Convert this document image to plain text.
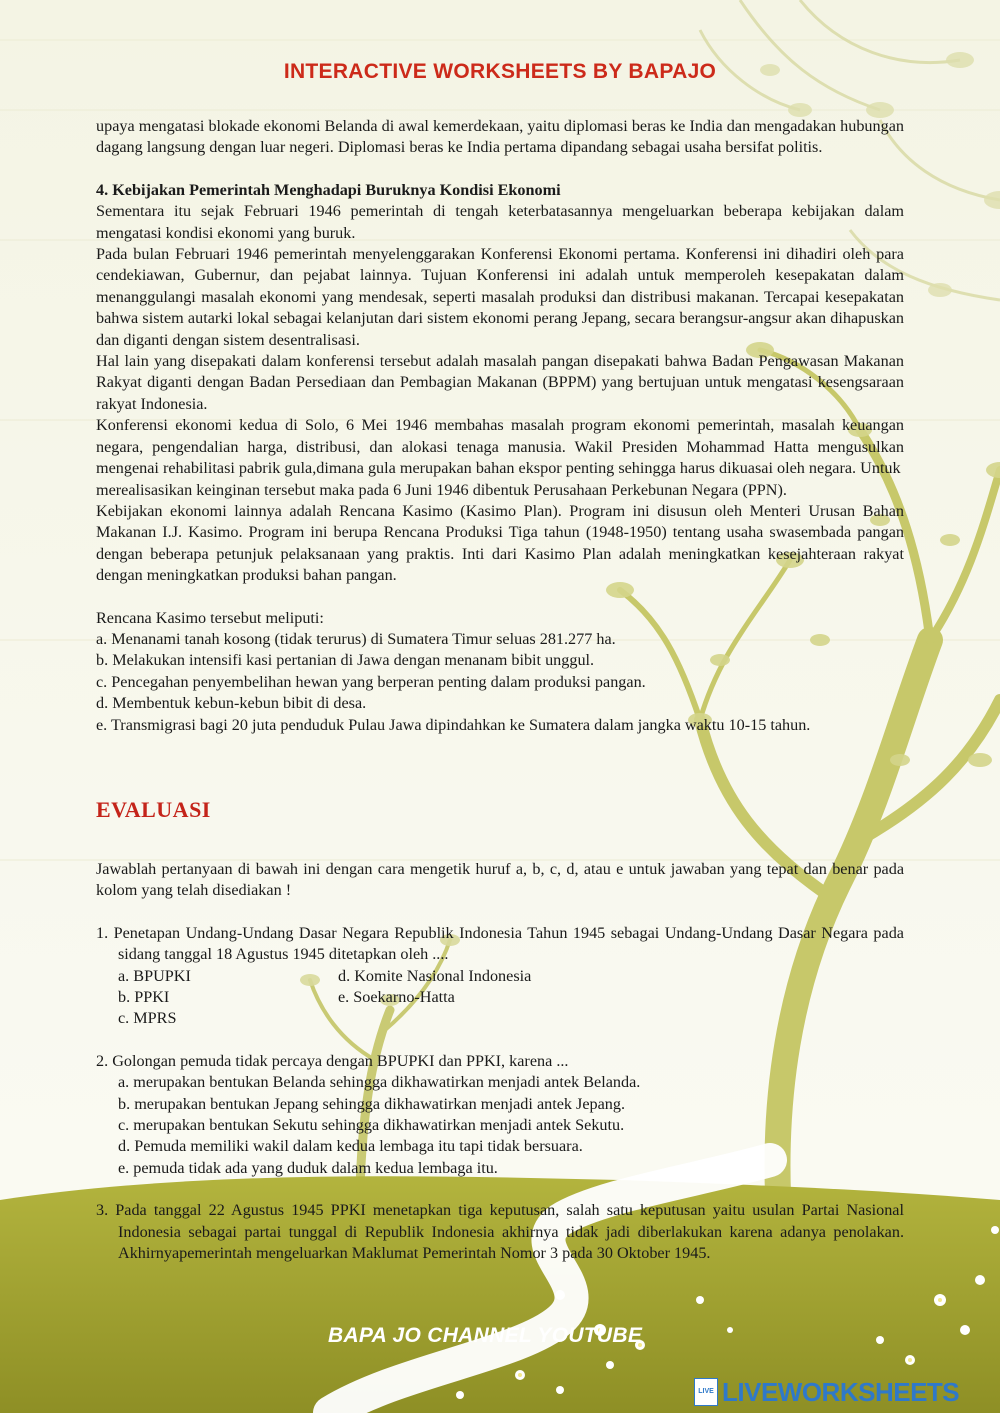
INTERACTIVE WORKSHEETS BY BAPAJO

upaya mengatasi blokade ekonomi Belanda di awal kemerdekaan, yaitu diplomasi beras ke India dan mengadakan hubungan dagang langsung dengan luar negeri. Diplomasi beras ke India pertama dipandang sebagai usaha bersifat politis.

4. Kebijakan Pemerintah Menghadapi Buruknya Kondisi Ekonomi

Sementara itu sejak Februari 1946 pemerintah di tengah keterbatasannya mengeluarkan beberapa kebijakan dalam mengatasi kondisi ekonomi yang buruk.

Pada bulan Februari 1946 pemerintah menyelenggarakan Konferensi Ekonomi pertama. Konferensi ini dihadiri oleh para cendekiawan, Gubernur, dan pejabat lainnya. Tujuan Konferensi ini adalah untuk memperoleh kesepakatan dalam menanggulangi masalah ekonomi yang mendesak, seperti masalah produksi dan distribusi makanan. Tercapai kesepakatan bahwa sistem autarki lokal sebagai kelanjutan dari sistem ekonomi perang Jepang, secara berangsur-angsur akan dihapuskan dan diganti dengan sistem desentralisasi.

Hal lain yang disepakati dalam konferensi tersebut adalah masalah pangan disepakati bahwa Badan Pengawasan Makanan Rakyat diganti dengan Badan Persediaan dan Pembagian Makanan (BPPM) yang bertujuan untuk mengatasi kesengsaraan rakyat Indonesia.

Konferensi ekonomi kedua di Solo, 6 Mei 1946 membahas masalah program ekonomi pemerintah, masalah keuangan negara, pengendalian harga, distribusi, dan alokasi tenaga manusia. Wakil Presiden Mohammad Hatta mengusulkan mengenai rehabilitasi pabrik gula,dimana gula merupakan bahan ekspor penting sehingga harus dikuasai oleh negara. Untuk

merealisasikan keinginan tersebut maka pada 6 Juni 1946 dibentuk Perusahaan Perkebunan Negara (PPN).

Kebijakan ekonomi lainnya adalah Rencana Kasimo (Kasimo Plan). Program ini disusun oleh Menteri Urusan Bahan Makanan I.J. Kasimo. Program ini berupa Rencana Produksi Tiga tahun (1948-1950) tentang usaha swasembada pangan dengan beberapa petunjuk pelaksanaan yang praktis. Inti dari Kasimo Plan adalah meningkatkan kesejahteraan rakyat dengan meningkatkan produksi bahan pangan.

Rencana Kasimo tersebut meliputi:

a. Menanami tanah kosong (tidak terurus) di Sumatera Timur seluas 281.277 ha.
b. Melakukan intensifi kasi pertanian di Jawa dengan menanam bibit unggul.
c. Pencegahan penyembelihan hewan yang berperan penting dalam produksi pangan.
d. Membentuk kebun-kebun bibit di desa.
e. Transmigrasi bagi 20 juta penduduk Pulau Jawa dipindahkan ke Sumatera dalam jangka waktu 10-15 tahun.
EVALUASI

Jawablah pertanyaan di bawah ini dengan cara mengetik huruf a, b, c, d, atau e untuk jawaban yang tepat dan benar pada kolom yang telah disediakan !

1. Penetapan Undang-Undang Dasar Negara Republik Indonesia Tahun 1945 sebagai Undang-Undang Dasar Negara pada sidang tanggal 18 Agustus 1945 ditetapkan oleh ....

a. BPUPKI	d. Komite Nasional Indonesia
b. PPKI	e. Soekarno-Hatta
c. MPRS

2. Golongan pemuda tidak percaya dengan BPUPKI dan PPKI, karena ...

a. merupakan bentukan Belanda sehingga dikhawatirkan menjadi antek Belanda.
b. merupakan bentukan Jepang sehingga dikhawatirkan menjadi antek Jepang.
c. merupakan bentukan Sekutu sehingga dikhawatirkan menjadi antek Sekutu.
d. Pemuda memiliki wakil dalam kedua lembaga itu tapi tidak bersuara.
e. pemuda tidak ada yang duduk dalam kedua lembaga itu.

3. Pada tanggal 22 Agustus 1945 PPKI menetapkan tiga keputusan, salah satu keputusan yaitu usulan Partai Nasional Indonesia sebagai partai tunggal di Republik Indonesia akhirnya tidak jadi diberlakukan karena adanya penolakan. Akhirnyapemerintah mengeluarkan Maklumat Pemerintah Nomor 3 pada 30 Oktober 1945.

BAPA JO CHANNEL YOUTUBE
LIVE LIVEWORKSHEETS
